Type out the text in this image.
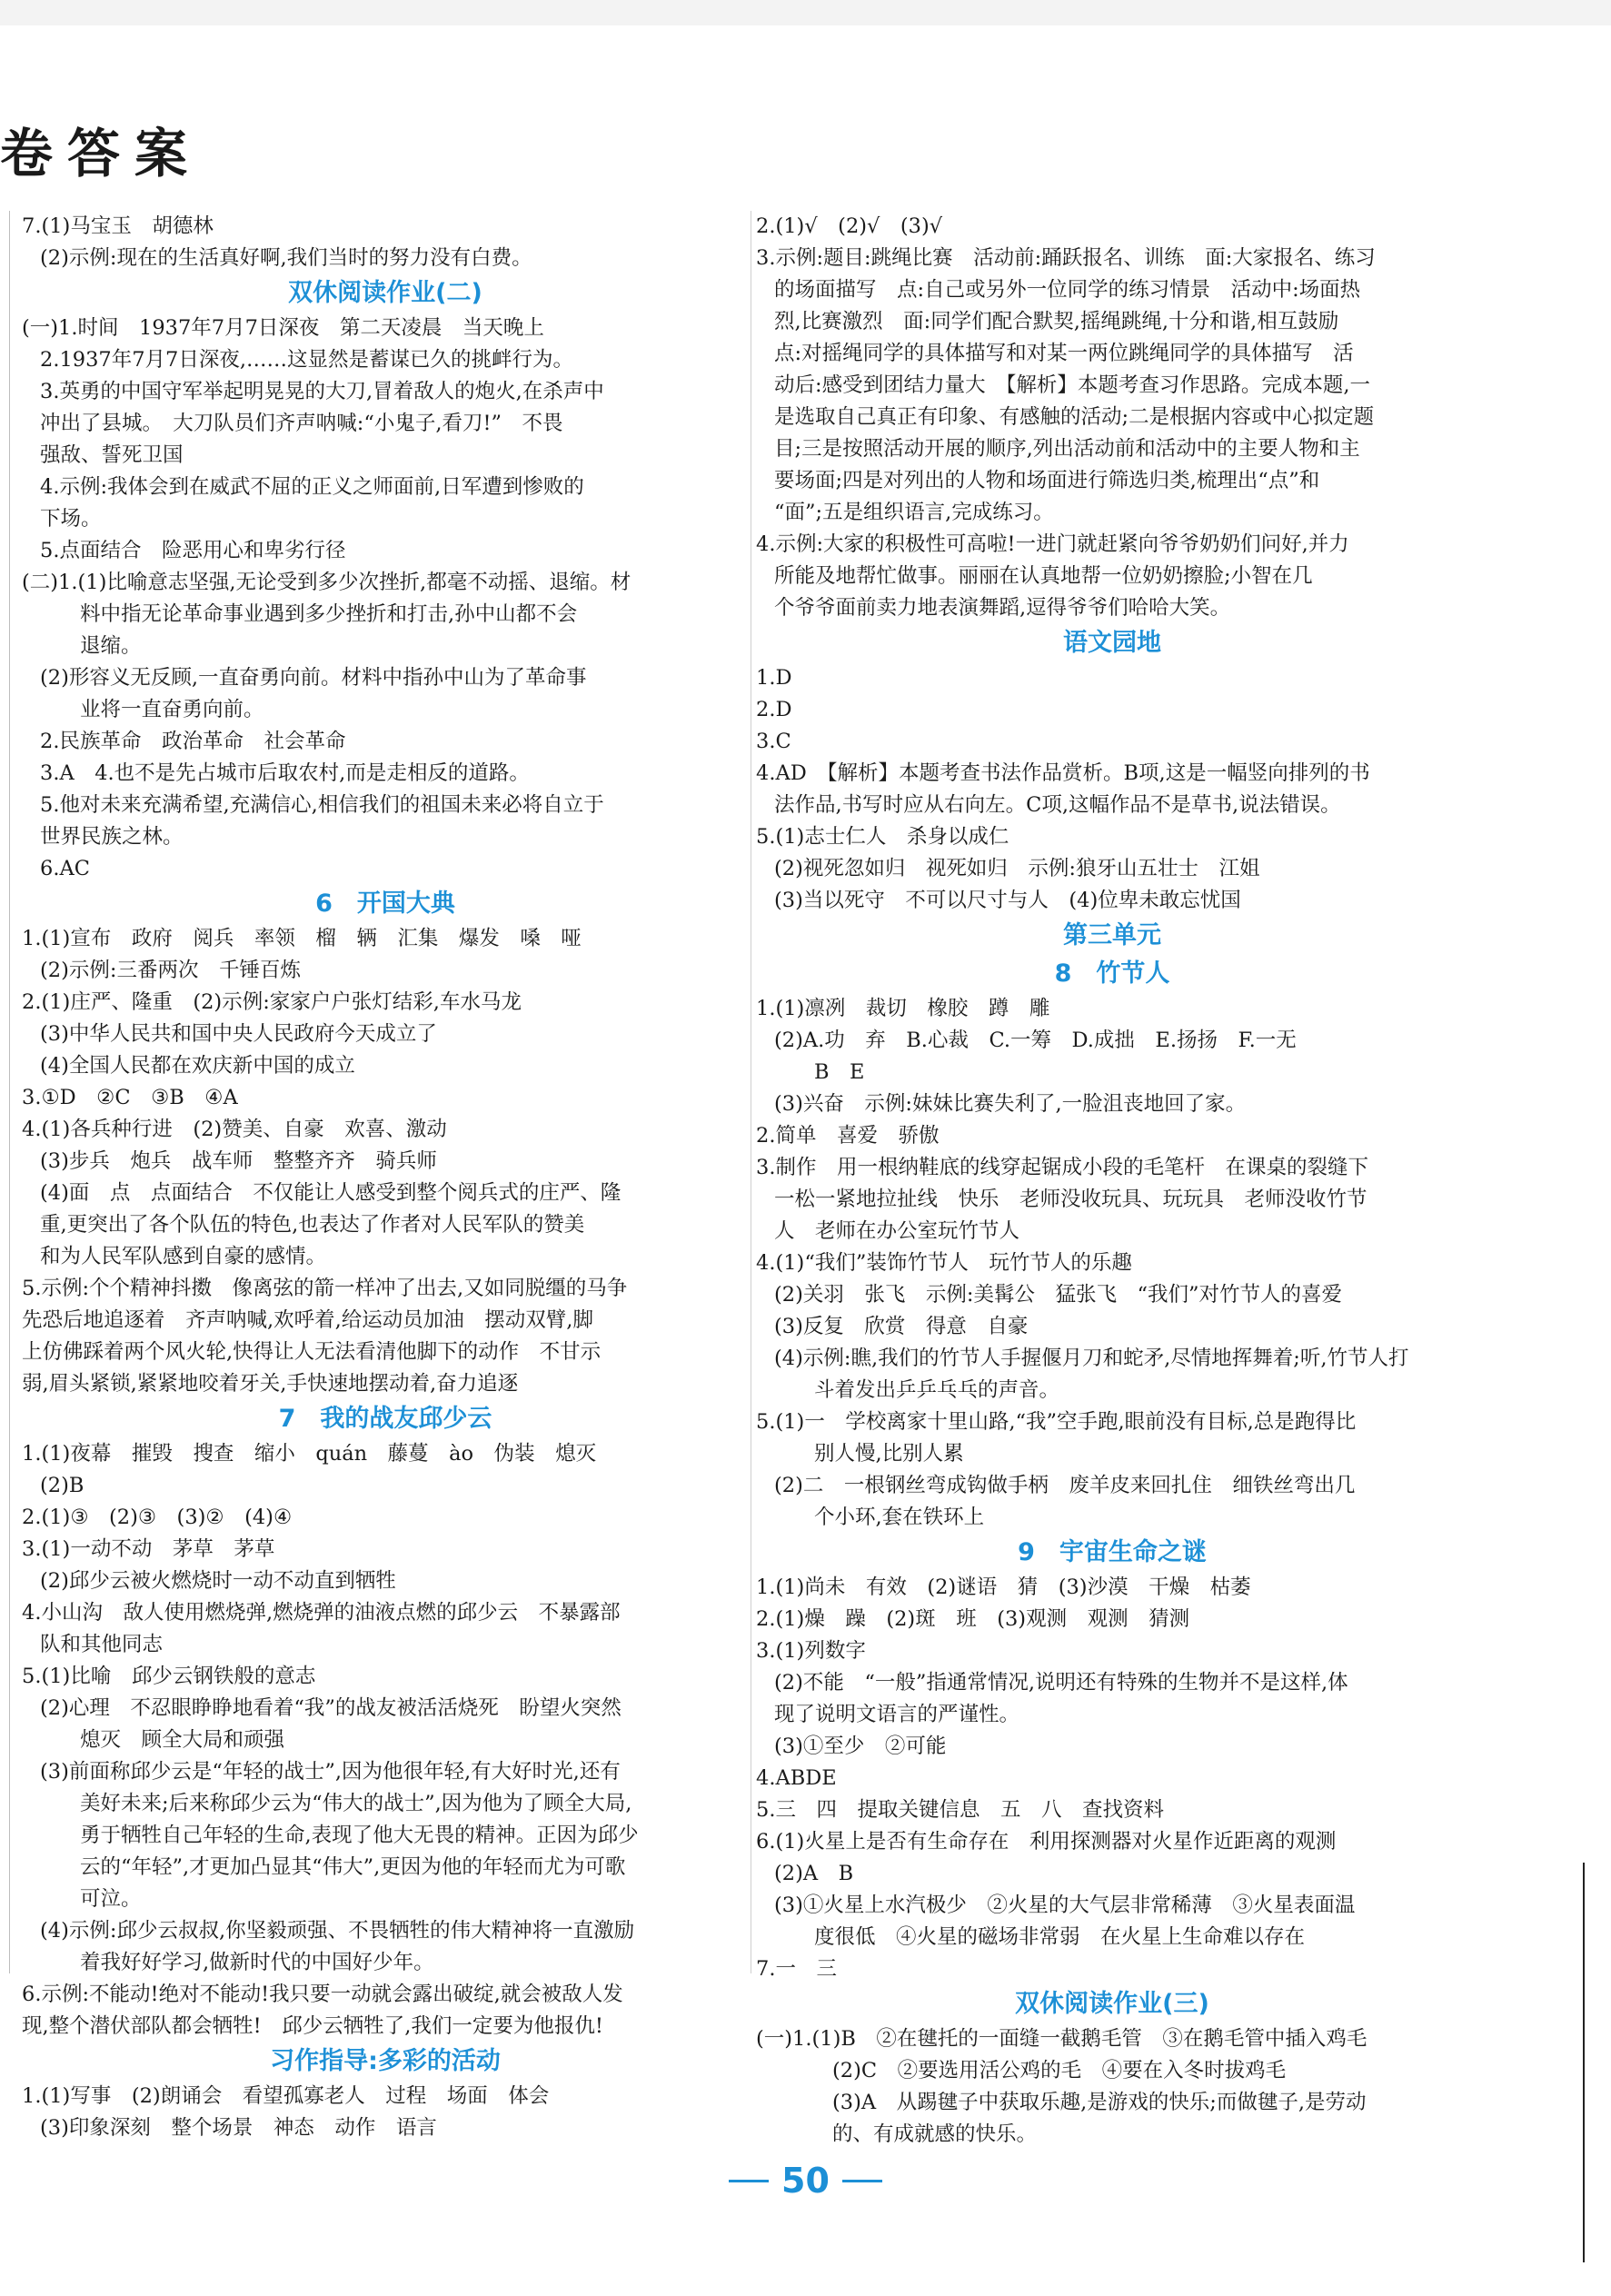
卷答案
7.(1)马宝玉　胡德林
(2)示例:现在的生活真好啊,我们当时的努力没有白费。
双休阅读作业(二)
(一)1.时间　1937年7月7日深夜　第二天凌晨　当天晚上
2.1937年7月7日深夜,……这显然是蓄谋已久的挑衅行为。
3.英勇的中国守军举起明晃晃的大刀,冒着敌人的炮火,在杀声中
冲出了县城。　大刀队员们齐声呐喊:“小鬼子,看刀!”　不畏
强敌、誓死卫国
4.示例:我体会到在威武不屈的正义之师面前,日军遭到惨败的
下场。
5.点面结合　险恶用心和卑劣行径
(二)1.(1)比喻意志坚强,无论受到多少次挫折,都毫不动摇、退缩。材
料中指无论革命事业遇到多少挫折和打击,孙中山都不会
退缩。
(2)形容义无反顾,一直奋勇向前。材料中指孙中山为了革命事
业将一直奋勇向前。
2.民族革命　政治革命　社会革命
3.A　4.也不是先占城市后取农村,而是走相反的道路。
5.他对未来充满希望,充满信心,相信我们的祖国未来必将自立于
世界民族之林。
6.AC
6　开国大典
1.(1)宣布　政府　阅兵　率领　榴　辆　汇集　爆发　嗓　哑
(2)示例:三番两次　千锤百炼
2.(1)庄严、隆重　(2)示例:家家户户张灯结彩,车水马龙
(3)中华人民共和国中央人民政府今天成立了
(4)全国人民都在欢庆新中国的成立
3.①D　②C　③B　④A
4.(1)各兵种行进　(2)赞美、自豪　欢喜、激动
(3)步兵　炮兵　战车师　整整齐齐　骑兵师
(4)面　点　点面结合　不仅能让人感受到整个阅兵式的庄严、隆
重,更突出了各个队伍的特色,也表达了作者对人民军队的赞美
和为人民军队感到自豪的感情。
5.示例:个个精神抖擞　像离弦的箭一样冲了出去,又如同脱缰的马争
先恐后地追逐着　齐声呐喊,欢呼着,给运动员加油　摆动双臂,脚
上仿佛踩着两个风火轮,快得让人无法看清他脚下的动作　不甘示
弱,眉头紧锁,紧紧地咬着牙关,手快速地摆动着,奋力追逐
7　我的战友邱少云
1.(1)夜幕　摧毁　搜查　缩小　quán　藤蔓　ào　伪装　熄灭
(2)B
2.(1)③　(2)③　(3)②　(4)④
3.(1)一动不动　茅草　茅草
(2)邱少云被火燃烧时一动不动直到牺牲
4.小山沟　敌人使用燃烧弹,燃烧弹的油液点燃的邱少云　不暴露部
队和其他同志
5.(1)比喻　邱少云钢铁般的意志
(2)心理　不忍眼睁睁地看着“我”的战友被活活烧死　盼望火突然
熄灭　顾全大局和顽强
(3)前面称邱少云是“年轻的战士”,因为他很年轻,有大好时光,还有
美好未来;后来称邱少云为“伟大的战士”,因为他为了顾全大局,
勇于牺牲自己年轻的生命,表现了他大无畏的精神。正因为邱少
云的“年轻”,才更加凸显其“伟大”,更因为他的年轻而尤为可歌
可泣。
(4)示例:邱少云叔叔,你坚毅顽强、不畏牺牲的伟大精神将一直激励
着我好好学习,做新时代的中国好少年。
6.示例:不能动!绝对不能动!我只要一动就会露出破绽,就会被敌人发
现,整个潜伏部队都会牺牲!　邱少云牺牲了,我们一定要为他报仇!
习作指导:多彩的活动
1.(1)写事　(2)朗诵会　看望孤寡老人　过程　场面　体会
(3)印象深刻　整个场景　神态　动作　语言
2.(1)√　(2)√　(3)√
3.示例:题目:跳绳比赛　活动前:踊跃报名、训练　面:大家报名、练习
的场面描写　点:自己或另外一位同学的练习情景　活动中:场面热
烈,比赛激烈　面:同学们配合默契,摇绳跳绳,十分和谐,相互鼓励
点:对摇绳同学的具体描写和对某一两位跳绳同学的具体描写　活
动后:感受到团结力量大　【解析】本题考查习作思路。完成本题,一
是选取自己真正有印象、有感触的活动;二是根据内容或中心拟定题
目;三是按照活动开展的顺序,列出活动前和活动中的主要人物和主
要场面;四是对列出的人物和场面进行筛选归类,梳理出“点”和
“面”;五是组织语言,完成练习。
4.示例:大家的积极性可高啦!一进门就赶紧向爷爷奶奶们问好,并力
所能及地帮忙做事。丽丽在认真地帮一位奶奶擦脸;小智在几
个爷爷面前卖力地表演舞蹈,逗得爷爷们哈哈大笑。
语文园地
1.D
2.D
3.C
4.AD　【解析】本题考查书法作品赏析。B项,这是一幅竖向排列的书
法作品,书写时应从右向左。C项,这幅作品不是草书,说法错误。
5.(1)志士仁人　杀身以成仁
(2)视死忽如归　视死如归　示例:狼牙山五壮士　江姐
(3)当以死守　不可以尺寸与人　(4)位卑未敢忘忧国
第三单元
8　竹节人
1.(1)凛冽　裁切　橡胶　蹲　雕
(2)A.功　弃　B.心裁　C.一筹　D.成拙　E.扬扬　F.一无
B　E
(3)兴奋　示例:妹妹比赛失利了,一脸沮丧地回了家。
2.简单　喜爱　骄傲
3.制作　用一根纳鞋底的线穿起锯成小段的毛笔杆　在课桌的裂缝下
一松一紧地拉扯线　快乐　老师没收玩具、玩玩具　老师没收竹节
人　老师在办公室玩竹节人
4.(1)“我们”装饰竹节人　玩竹节人的乐趣
(2)关羽　张飞　示例:美髯公　猛张飞　“我们”对竹节人的喜爱
(3)反复　欣赏　得意　自豪
(4)示例:瞧,我们的竹节人手握偃月刀和蛇矛,尽情地挥舞着;听,竹节人打
斗着发出乒乒乓乓的声音。
5.(1)一　学校离家十里山路,“我”空手跑,眼前没有目标,总是跑得比
别人慢,比别人累
(2)二　一根钢丝弯成钩做手柄　废羊皮来回扎住　细铁丝弯出几
个小环,套在铁环上
9　宇宙生命之谜
1.(1)尚未　有效　(2)谜语　猜　(3)沙漠　干燥　枯萎
2.(1)燥　躁　(2)斑　班　(3)观测　观测　猜测
3.(1)列数字
(2)不能　“一般”指通常情况,说明还有特殊的生物并不是这样,体
现了说明文语言的严谨性。
(3)①至少　②可能
4.ABDE
5.三　四　提取关键信息　五　八　查找资料
6.(1)火星上是否有生命存在　利用探测器对火星作近距离的观测
(2)A　B
(3)①火星上水汽极少　②火星的大气层非常稀薄　③火星表面温
度很低　④火星的磁场非常弱　在火星上生命难以存在
7.一　三
双休阅读作业(三)
(一)1.(1)B　②在毽托的一面缝一截鹅毛管　③在鹅毛管中插入鸡毛
(2)C　②要选用活公鸡的毛　④要在入冬时拔鸡毛
(3)A　从踢毽子中获取乐趣,是游戏的快乐;而做毽子,是劳动
的、有成就感的快乐。
50
